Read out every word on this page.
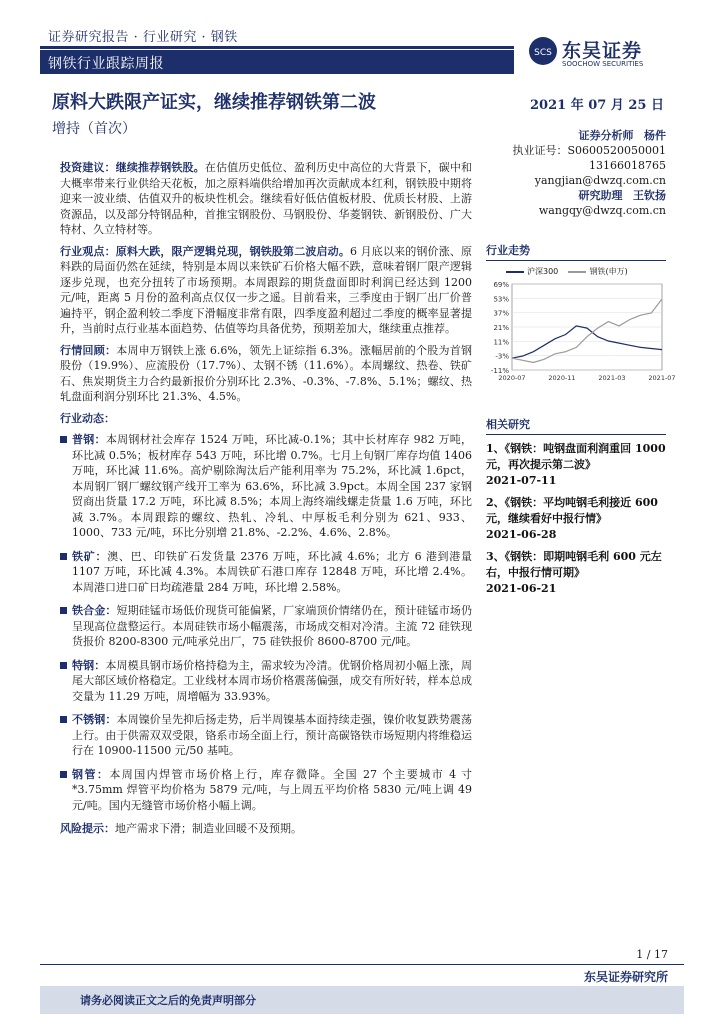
证券研究报告 · 行业研究 · 钢铁
钢铁行业跟踪周报
SCS 东吴证券
SOOCHOW SECURITIES
原料大跌限产证实，继续推荐钢铁第二波
增持（首次）
2021 年 07 月 25 日
证券分析师 杨件
执业证号：S0600520050001
13166018765
yangjian@dwzq.com.cn
研究助理 王钦扬
wangqy@dwzq.com.cn

投资建议：继续推荐钢铁股。在估值历史低位、盈利历史中高位的大背景下，碳中和大概率带来行业供给天花板，加之原料端供给增加再次贡献成本红利，钢铁股中期将迎来一波业绩、估值双升的板块性机会。继续看好低估值板材股、优质长材股、上游资源品，以及部分特钢品种，首推宝钢股份、马钢股份、华菱钢铁、新钢股份、广大特材、久立特材等。

行业观点：原料大跌，限产逻辑兑现，钢铁股第二波启动。6 月底以来的钢价涨、原料跌的局面仍然在延续，特别是本周以来铁矿石价格大幅不跌，意味着钢厂限产逻辑逐步兑现，也充分扭转了市场预期。本周跟踪的期货盘面即时利润已经达到 1200 元/吨，距离 5 月份的盈利高点仅仅一步之遥。目前看来，三季度由于钢厂出厂价普遍持平，钢企盈利较二季度下滑幅度非常有限，四季度盈利超过二季度的概率显著提升，当前时点行业基本面趋势、估值等均具备优势，预期差加大，继续重点推荐。

行情回顾：本周申万钢铁上涨 6.6%，领先上证综指 6.3%。涨幅居前的个股为首钢股份（19.9%）、应流股份（17.7%）、太钢不锈（11.6%）。本周螺纹、热卷、铁矿石、焦炭期货主力合约最新报价分别环比 2.3%、-0.3%、-7.8%、5.1%；螺纹、热轧盘面利润分别环比 21.3%、4.5%。

行业动态：
普钢：本周钢材社会库存 1524 万吨，环比减-0.1%；其中长材库存 982 万吨，环比减 0.5%；板材库存 543 万吨，环比增 0.7%。七月上旬钢厂库存均值 1406 万吨，环比减 11.6%。高炉剔除淘汰后产能利用率为 75.2%，环比减 1.6pct，本周钢厂钢厂螺纹钢产线开工率为 63.6%，环比减 3.9pct。本周全国 237 家钢贸商出货量 17.2 万吨，环比减 8.5%；本周上海终端线螺走货量 1.6 万吨，环比减 3.7%。本周跟踪的螺纹、热轧、冷轧、中厚板毛利分别为 621、933、1000、733 元/吨，环比分别增 21.8%、-2.2%、4.6%、2.8%。
铁矿：澳、巴、印铁矿石发货量 2376 万吨，环比减 4.6%；北方 6 港到港量 1107 万吨，环比减 4.3%。本周铁矿石港口库存 12848 万吨，环比增 2.4%。本周港口进口矿日均疏港量 284 万吨，环比增 2.58%。
铁合金：短期硅锰市场低价现货可能偏紧，厂家端顶价情绪仍在，预计硅锰市场仍呈现高位盘整运行。本周硅铁市场小幅震荡，市场成交相对冷清。主流 72 硅铁现货报价 8200-8300 元/吨承兑出厂，75 硅铁报价 8600-8700 元/吨。
特钢：本周模具钢市场价格持稳为主，需求较为冷清。优钢价格周初小幅上涨，周尾大部区域价格稳定。工业线材本周市场价格震荡偏强，成交有所好转，样本总成交量为 11.29 万吨，周增幅为 33.93%。
不锈钢：本周镍价呈先抑后扬走势，后半周镍基本面持续走强，镍价收复跌势震荡上行。由于供需双双受限，铬系市场全面上行，预计高碳铬铁市场短期内将维稳运行在 10900-11500 元/50 基吨。
钢管：本周国内焊管市场价格上行，库存微降。全国 27 个主要城市 4 寸 *3.75mm 焊管平均价格为 5879 元/吨，与上周五平均价格 5830 元/吨上调 49 元/吨。国内无缝管市场价格小幅上调。

风险提示：地产需求下滑；制造业回暖不及预期。

行业走势
沪深300	钢铁(申万)
69%
53%
37%
21%
11%
-3%
-11%
2020-07	2020-11	2021-03	2021-07
相关研究
1、《钢铁：吨钢盘面利润重回 1000 元，再次提示第二波》
2021-07-11
2、《钢铁：平均吨钢毛利接近 600 元，继续看好中报行情》
2021-06-28
3、《钢铁：即期吨钢毛利 600 元左右，中报行情可期》
2021-06-21
1 / 17
东吴证券研究所
请务必阅读正文之后的免责声明部分
